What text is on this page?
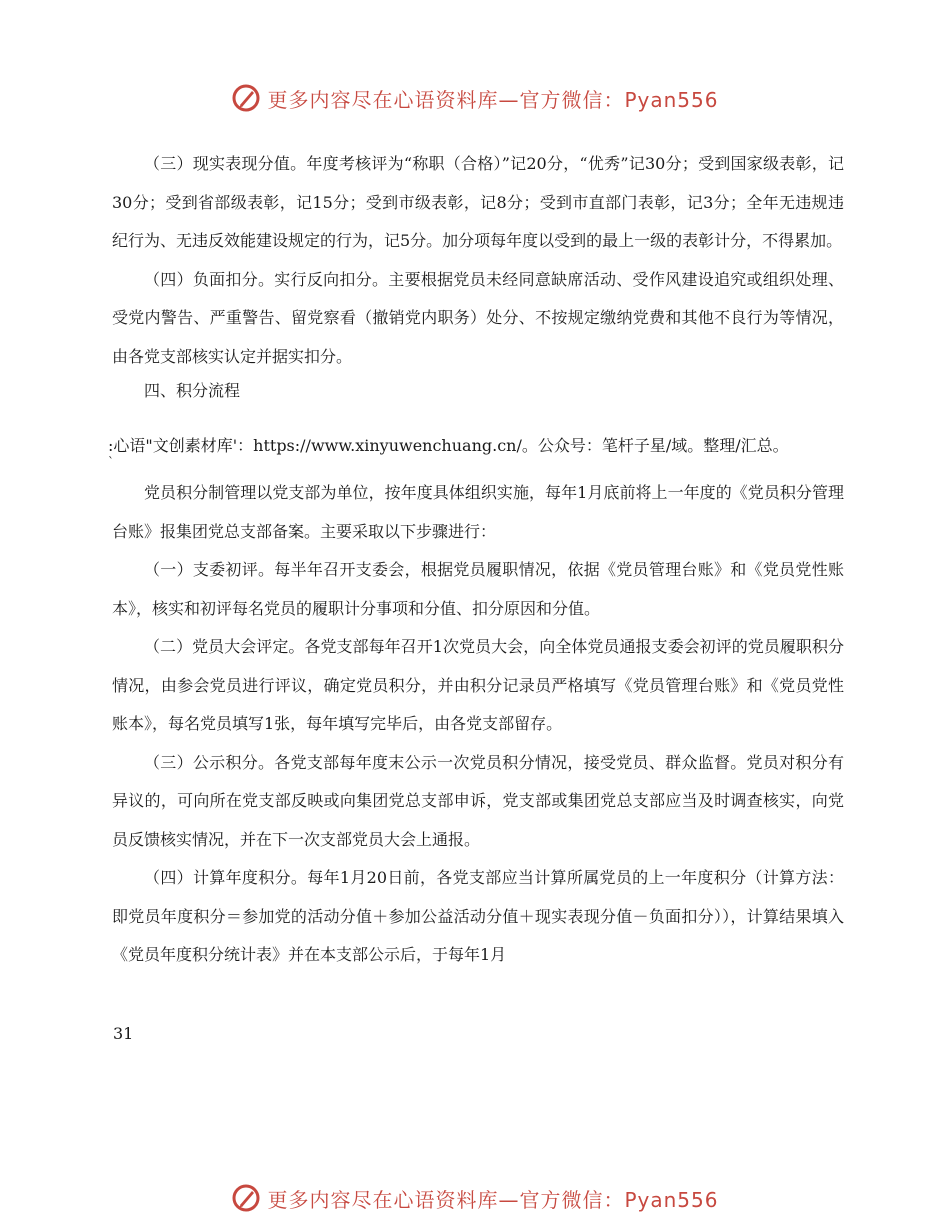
更多内容尽在心语资料库—官方微信：Pyan556

（三）现实表现分值。年度考核评为“称职（合格）”记20分，“优秀”记30分；受到国家级表彰，记30分；受到省部级表彰，记15分；受到市级表彰，记8分；受到市直部门表彰，记3分；全年无违规违纪行为、无违反效能建设规定的行为，记5分。加分项每年度以受到的最上一级的表彰计分，不得累加。

（四）负面扣分。实行反向扣分。主要根据党员未经同意缺席活动、受作风建设追究或组织处理、受党内警告、严重警告、留党察看（撤销党内职务）处分、不按规定缴纳党费和其他不良行为等情况，由各党支部核实认定并据实扣分。

四、积分流程

:心语"文创素材库'：https://www.xinyuwenchuang.cn/。公众号：笔杆子星/域。整理/汇总。
`

党员积分制管理以党支部为单位，按年度具体组织实施，每年1月底前将上一年度的《党员积分管理台账》报集团党总支部备案。主要采取以下步骤进行：

（一）支委初评。每半年召开支委会，根据党员履职情况，依据《党员管理台账》和《党员党性账本》，核实和初评每名党员的履职计分事项和分值、扣分原因和分值。

（二）党员大会评定。各党支部每年召开1次党员大会，向全体党员通报支委会初评的党员履职积分情况，由参会党员进行评议，确定党员积分，并由积分记录员严格填写《党员管理台账》和《党员党性账本》，每名党员填写1张，每年填写完毕后，由各党支部留存。

（三）公示积分。各党支部每年度末公示一次党员积分情况，接受党员、群众监督。党员对积分有异议的，可向所在党支部反映或向集团党总支部申诉，党支部或集团党总支部应当及时调查核实，向党员反馈核实情况，并在下一次支部党员大会上通报。

（四）计算年度积分。每年1月20日前，各党支部应当计算所属党员的上一年度积分（计算方法：即党员年度积分＝参加党的活动分值＋参加公益活动分值＋现实表现分值－负面扣分）），计算结果填入《党员年度积分统计表》并在本支部公示后，于每年1月

31
更多内容尽在心语资料库—官方微信：Pyan556
